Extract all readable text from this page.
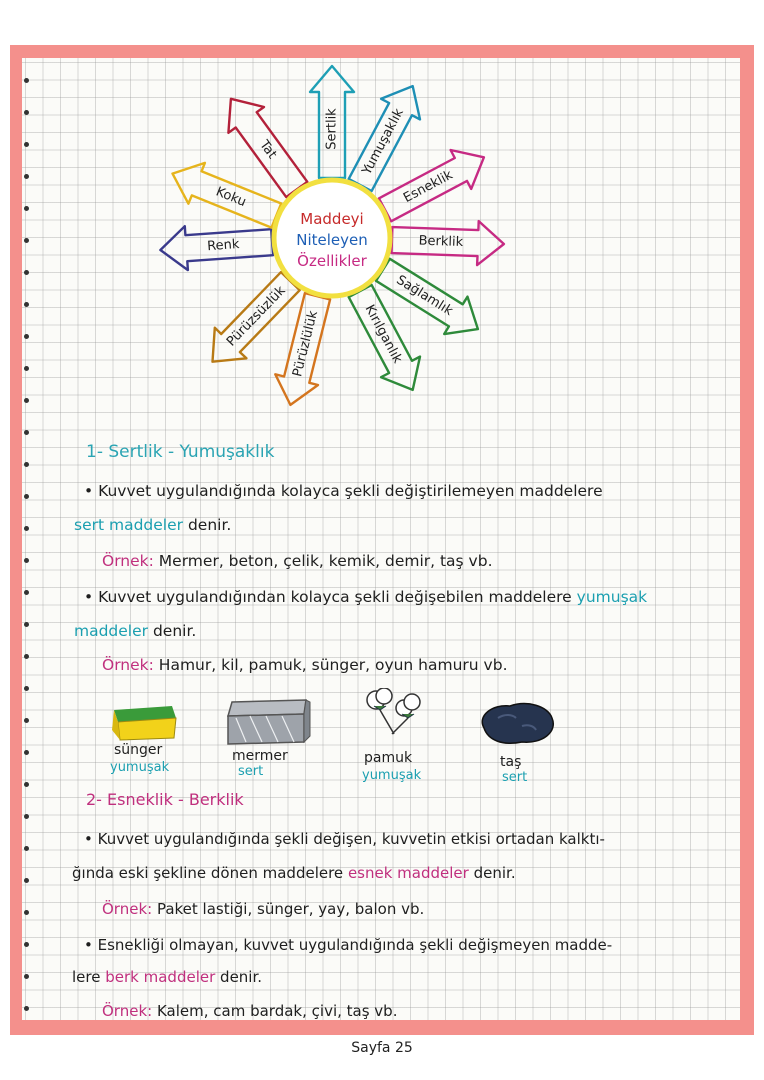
Sertlik Yumuşaklık
Esneklik
Berklik
Sağlamlık
Kırılganlık
Pürüzlülük
Pürüzsüzlük
Renk
Koku
Tat
Maddeyi
Niteleyen
Özellikler
1- Sertlik - Yumuşaklık
• Kuvvet uygulandığında kolayca şekli değiştirilemeyen maddelere
sert maddeler denir.
Örnek: Mermer, beton, çelik, kemik, demir, taş vb.
• Kuvvet uygulandığından kolayca şekli değişebilen maddelere yumuşak
maddeler denir.
Örnek: Hamur, kil, pamuk, sünger, oyun hamuru vb.
sünger
yumuşak
mermer
sert
pamuk
yumuşak
taş
sert
2- Esneklik - Berklik
• Kuvvet uygulandığında şekli değişen, kuvvetin etkisi ortadan kalktı-
ğında eski şekline dönen maddelere esnek maddeler denir.
Örnek: Paket lastiği, sünger, yay, balon vb.
• Esnekliği olmayan, kuvvet uygulandığında şekli değişmeyen madde-
lere berk maddeler denir.
Örnek: Kalem, cam bardak, çivi, taş vb.
Sayfa 25
